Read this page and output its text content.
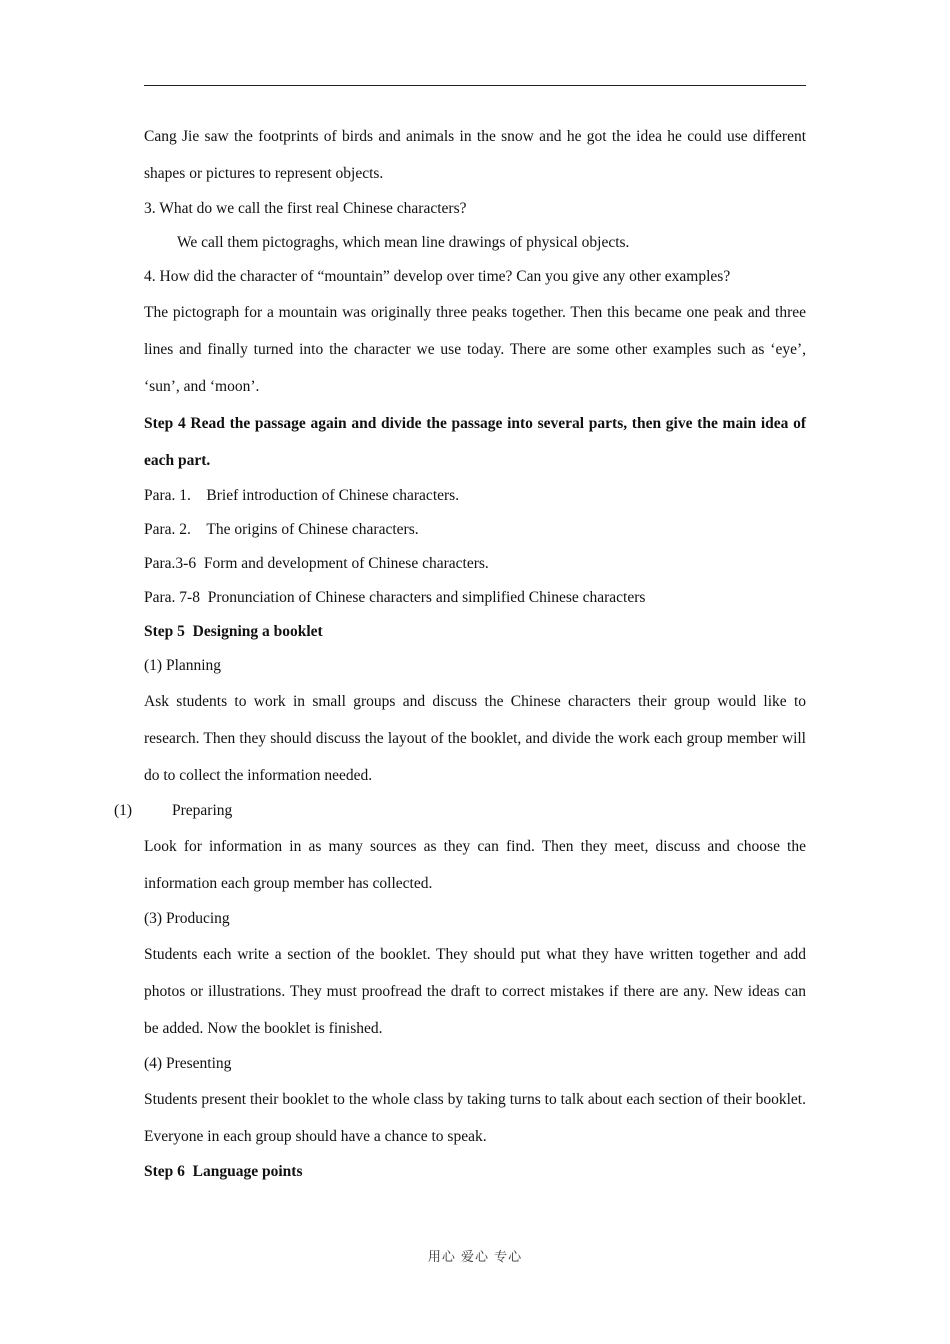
Cang Jie saw the footprints of birds and animals in the snow and he got the idea he could use different shapes or pictures to represent objects.

3. What do we call the first real Chinese characters?

We call them pictograghs, which mean line drawings of physical objects.

4. How did the character of “mountain” develop over time? Can you give any other examples?

The pictograph for a mountain was originally three peaks together. Then this became one peak and three lines and finally turned into the character we use today. There are some other examples such as ‘eye’, ‘sun’, and ‘moon’.

Step 4 Read the passage again and divide the passage into several parts, then give the main idea of each part.

Para. 1. Brief introduction of Chinese characters.

Para. 2. The origins of Chinese characters.

Para.3-6  Form and development of Chinese characters.

Para. 7-8  Pronunciation of Chinese characters and simplified Chinese characters

Step 5  Designing a booklet

(1) Planning

Ask students to work in small groups and discuss the Chinese characters their group would like to research. Then they should discuss the layout of the booklet, and divide the work each group member will do to collect the information needed.

(1)	Preparing

Look for information in as many sources as they can find. Then they meet, discuss and choose the information each group member has collected.

(3) Producing

Students each write a section of the booklet. They should put what they have written together and add photos or illustrations. They must proofread the draft to correct mistakes if there are any. New ideas can be added. Now the booklet is finished.

(4) Presenting

Students present their booklet to the whole class by taking turns to talk about each section of their booklet. Everyone in each group should have a chance to speak.

Step 6  Language points

用心 爱心 专心
